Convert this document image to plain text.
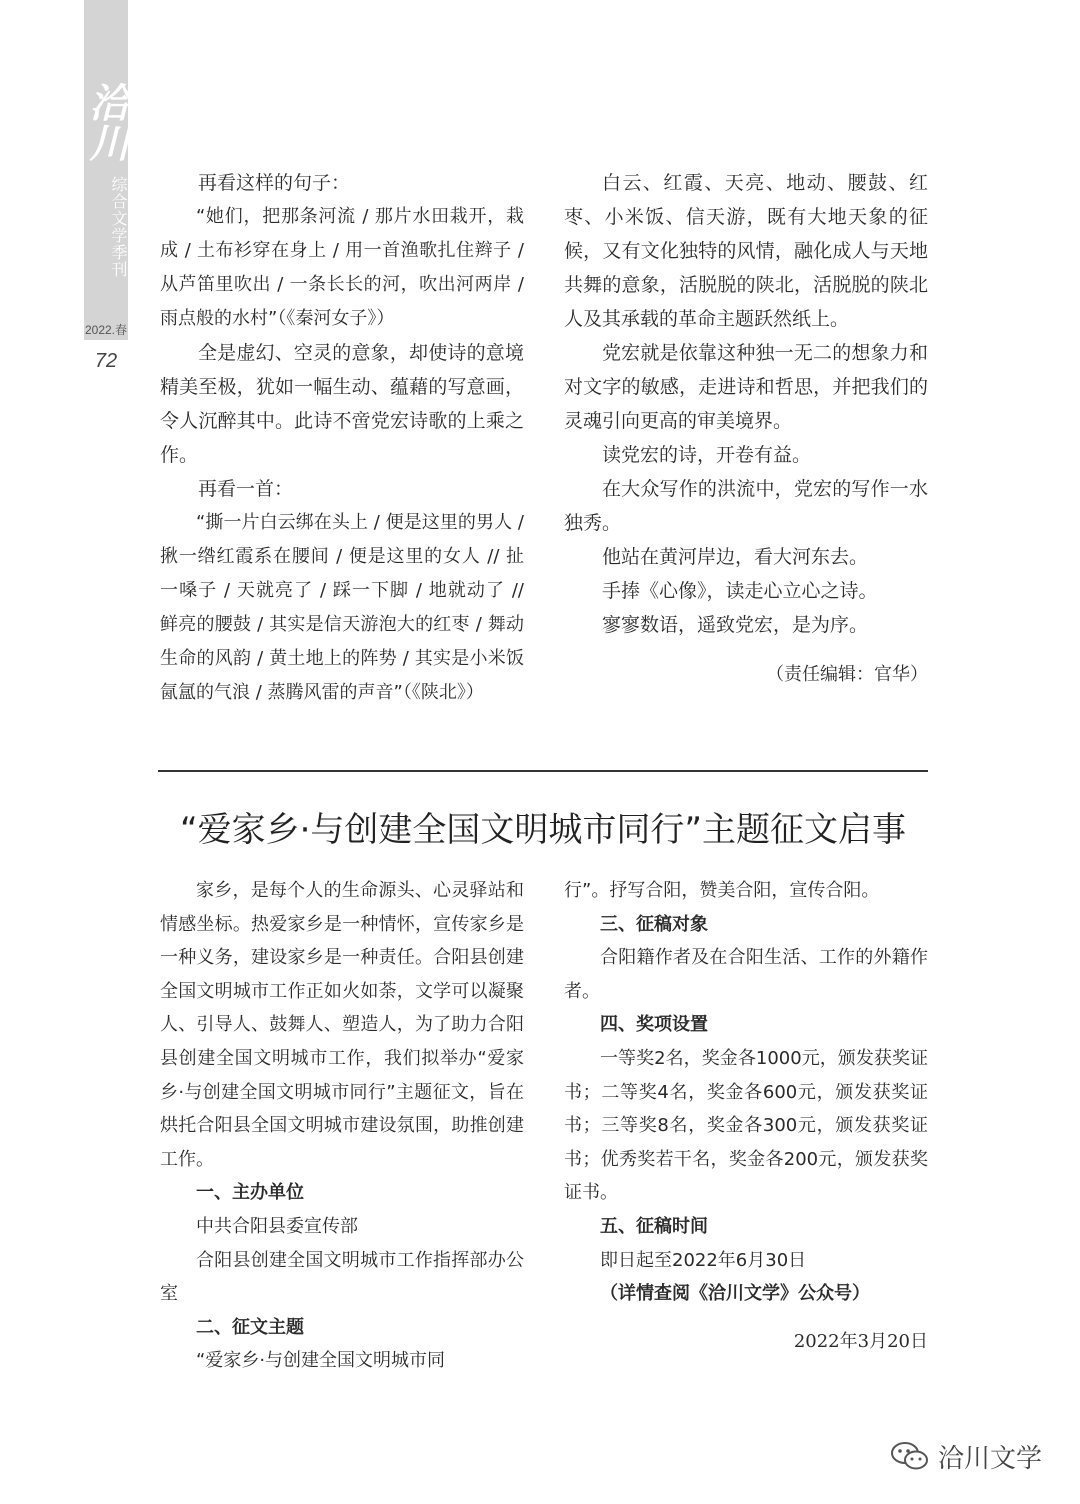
洽川
综合文学季刊
2022.春
72

再看这样的句子：

“她们，把那条河流 / 那片水田栽开，栽成 / 土布衫穿在身上 / 用一首渔歌扎住辫子 / 从芦笛里吹出 / 一条长长的河，吹出河两岸 / 雨点般的水村”（《秦河女子》）

全是虚幻、空灵的意象，却使诗的意境精美至极，犹如一幅生动、蕴藉的写意画，令人沉醉其中。此诗不啻党宏诗歌的上乘之作。

再看一首：

“撕一片白云绑在头上 / 便是这里的男人 / 揪一绺红霞系在腰间 / 便是这里的女人 // 扯一嗓子 / 天就亮了 / 踩一下脚 / 地就动了 // 鲜亮的腰鼓 / 其实是信天游泡大的红枣 / 舞动生命的风韵 / 黄土地上的阵势 / 其实是小米饭氤氲的气浪 / 蒸腾风雷的声音”（《陕北》）

白云、红霞、天亮、地动、腰鼓、红枣、小米饭、信天游，既有大地天象的征候，又有文化独特的风情，融化成人与天地共舞的意象，活脱脱的陕北，活脱脱的陕北人及其承载的革命主题跃然纸上。

党宏就是依靠这种独一无二的想象力和对文字的敏感，走进诗和哲思，并把我们的灵魂引向更高的审美境界。

读党宏的诗，开卷有益。

在大众写作的洪流中，党宏的写作一水独秀。

他站在黄河岸边，看大河东去。

手捧《心像》，读走心立心之诗。

寥寥数语，遥致党宏，是为序。

（责任编辑：官华）

“爱家乡·与创建全国文明城市同行”主题征文启事

家乡，是每个人的生命源头、心灵驿站和情感坐标。热爱家乡是一种情怀，宣传家乡是一种义务，建设家乡是一种责任。合阳县创建全国文明城市工作正如火如荼，文学可以凝聚人、引导人、鼓舞人、塑造人，为了助力合阳县创建全国文明城市工作，我们拟举办“爱家乡·与创建全国文明城市同行”主题征文，旨在烘托合阳县全国文明城市建设氛围，助推创建工作。

一、主办单位

中共合阳县委宣传部

合阳县创建全国文明城市工作指挥部办公室

二、征文主题

“爱家乡·与创建全国文明城市同

行”。抒写合阳，赞美合阳，宣传合阳。

三、征稿对象

合阳籍作者及在合阳生活、工作的外籍作者。

四、奖项设置

一等奖2名，奖金各1000元，颁发获奖证书；二等奖4名，奖金各600元，颁发获奖证书；三等奖8名，奖金各300元，颁发获奖证书；优秀奖若干名，奖金各200元，颁发获奖证书。

五、征稿时间

即日起至2022年6月30日

（详情查阅《洽川文学》公众号）

2022年3月20日

洽川文学
